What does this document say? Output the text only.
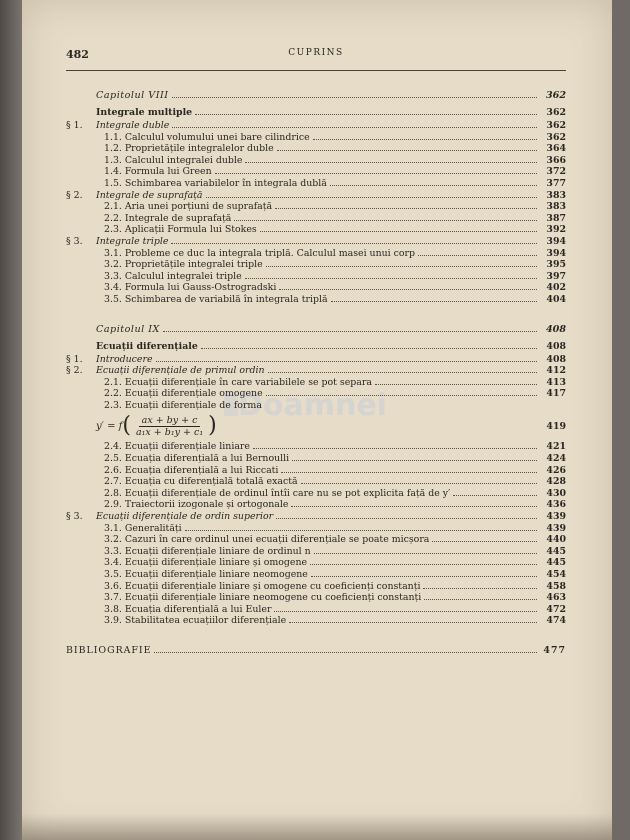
482	CUPRINS
Doamnei
Capitolul VIII	362
Integrale multiple	362
§ 1.	Integrale duble	362
1.1. Calculul volumului unei bare cilindrice	362
1.2. Proprietățile integralelor duble	364
1.3. Calculul integralei duble	366
1.4. Formula lui Green	372
1.5. Schimbarea variabilelor în integrala dublă	377
§ 2.	Integrale de suprafață	383
2.1. Aria unei porțiuni de suprafață	383
2.2. Integrale de suprafață	387
2.3. Aplicații Formula lui Stokes	392
§ 3.	Integrale triple	394
3.1. Probleme ce duc la integrala triplă. Calculul masei unui corp	394
3.2. Proprietățile integralei triple	395
3.3. Calculul integralei triple	397
3.4. Formula lui Gauss-Ostrogradski	402
3.5. Schimbarea de variabilă în integrala triplă	404
Capitolul IX	408
Ecuații diferențiale	408
§ 1.	Introducere	408
§ 2.	Ecuații diferențiale de primul ordin	412
2.1. Ecuații diferențiale în care variabilele se pot separa	413
2.2. Ecuații diferențiale omogene	417
2.3. Ecuații diferențiale de forma
y′ = f ( $\frac{ax + by + c}{\text{a₁x + b₁y + c₁}}$ )	419
2.4. Ecuații diferențiale liniare	421
2.5. Ecuația diferențială a lui Bernoulli	424
2.6. Ecuația diferențială a lui Riccati	426
2.7. Ecuația cu diferențială totală exactă	428
2.8. Ecuații diferențiale de ordinul întîi care nu se pot explicita față de y′	430
2.9. Traiectorii izogonale și ortogonale	436
§ 3.	Ecuații diferențiale de ordin superior	439
3.1. Generalități	439
3.2. Cazuri în care ordinul unei ecuații diferențiale se poate micșora	440
3.3. Ecuații diferențiale liniare de ordinul n	445
3.4. Ecuații diferențiale liniare și omogene	445
3.5. Ecuații diferențiale liniare neomogene	454
3.6. Ecuații diferențiale liniare și omogene cu coeficienți constanți	458
3.7. Ecuații diferențiale liniare neomogene cu coeficienți constanți	463
3.8. Ecuația diferențială a lui Euler	472
3.9. Stabilitatea ecuațiilor diferențiale	474
BIBLIOGRAFIE	477
